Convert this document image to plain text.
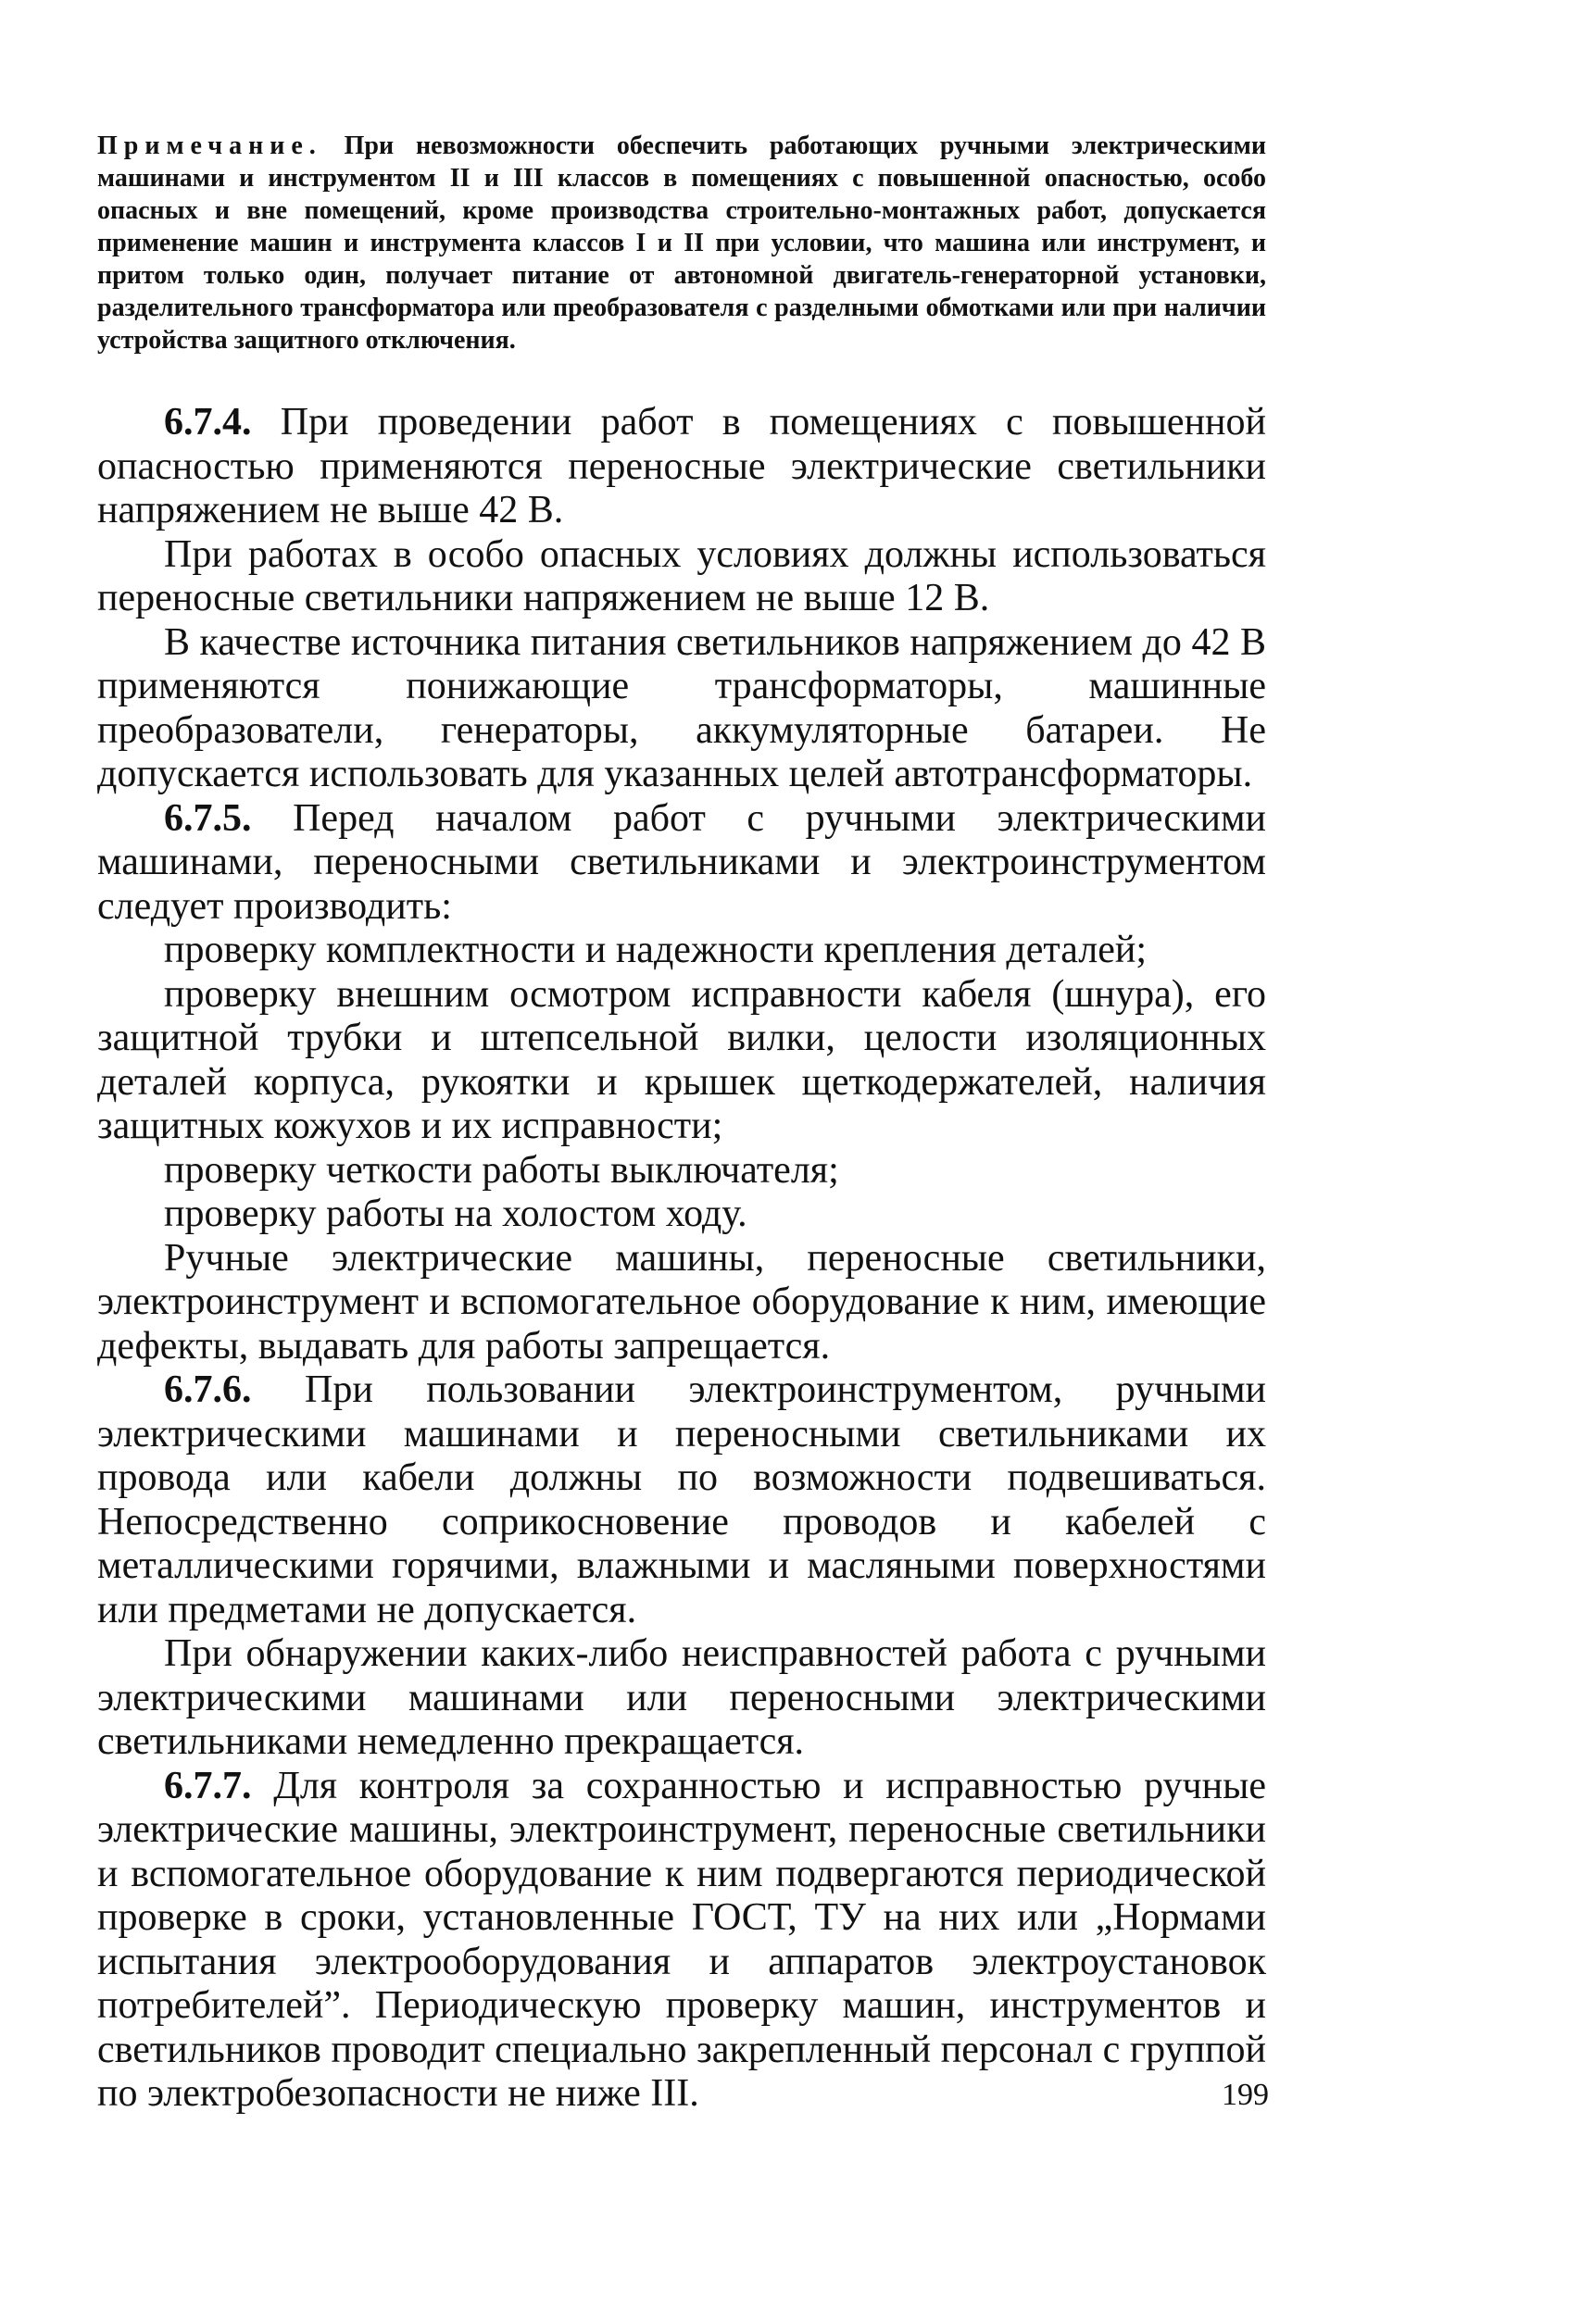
Примечание. При невозможности обеспечить работающих ручными электрическими машинами и инструментом II и III классов в помещениях с повышенной опасностью, особо опасных и вне помещений, кроме производства строительно-монтажных работ, допускается применение машин и инструмента классов I и II при условии, что машина или инструмент, и притом только один, получает питание от автономной двигатель-генераторной установки, разделительного трансформатора или преобразователя с разделными обмотками или при наличии устройства защитного отключения.

6.7.4. При проведении работ в помещениях с повышенной опасностью применяются переносные электрические светильники напряжением не выше 42 В.

При работах в особо опасных условиях должны использоваться переносные светильники напряжением не выше 12 В.

В качестве источника питания светильников напряжением до 42 В применяются понижающие трансформаторы, машинные преобразователи, генераторы, аккумуляторные батареи. Не допускается использовать для указанных целей автотрансформаторы.

6.7.5. Перед началом работ с ручными электрическими машинами, переносными светильниками и электроинструментом следует производить:

проверку комплектности и надежности крепления деталей;

проверку внешним осмотром исправности кабеля (шнура), его защитной трубки и штепсельной вилки, целости изоляционных деталей корпуса, рукоятки и крышек щеткодержателей, наличия защитных кожухов и их исправности;

проверку четкости работы выключателя;

проверку работы на холостом ходу.

Ручные электрические машины, переносные светильники, электроинструмент и вспомогательное оборудование к ним, имеющие дефекты, выдавать для работы запрещается.

6.7.6. При пользовании электроинструментом, ручными электрическими машинами и переносными светильниками их провода или кабели должны по возможности подвешиваться. Непосредственно соприкосновение проводов и кабелей с металлическими горячими, влажными и масляными поверхностями или предметами не допускается.

При обнаружении каких-либо неисправностей работа с ручными электрическими машинами или переносными электрическими светильниками немедленно прекращается.

6.7.7. Для контроля за сохранностью и исправностью ручные электрические машины, электроинструмент, переносные светильники и вспомогательное оборудование к ним подвергаются периодической проверке в сроки, установленные ГОСТ, ТУ на них или „Нормами испытания электрооборудования и аппаратов электроустановок потребителей”. Периодическую проверку машин, инструментов и светильников проводит специально закрепленный персонал с группой по электробезопасности не ниже III.	199
